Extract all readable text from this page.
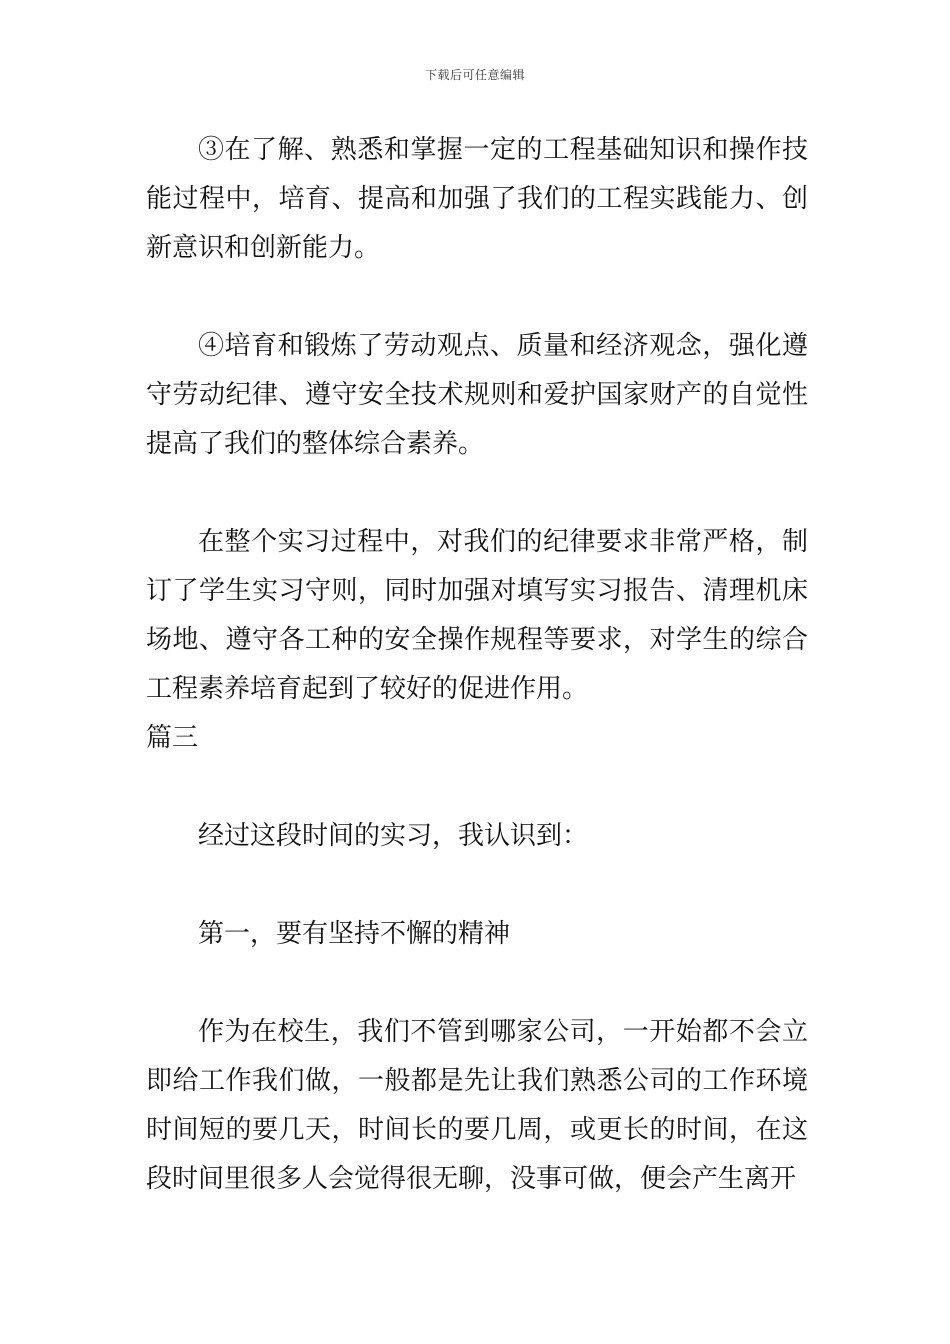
下载后可任意编辑

③在了解、熟悉和掌握一定的工程基础知识和操作技能过程中，培育、提高和加强了我们的工程实践能力、创新意识和创新能力。

④培育和锻炼了劳动观点、质量和经济观念，强化遵守劳动纪律、遵守安全技术规则和爱护国家财产的自觉性提高了我们的整体综合素养。

在整个实习过程中，对我们的纪律要求非常严格，制订了学生实习守则，同时加强对填写实习报告、清理机床场地、遵守各工种的安全操作规程等要求，对学生的综合工程素养培育起到了较好的促进作用。

篇三

经过这段时间的实习，我认识到：

第一，要有坚持不懈的精神

作为在校生，我们不管到哪家公司，一开始都不会立即给工作我们做，一般都是先让我们熟悉公司的工作环境时间短的要几天，时间长的要几周，或更长的时间，在这段时间里很多人会觉得很无聊，没事可做，便会产生离开
